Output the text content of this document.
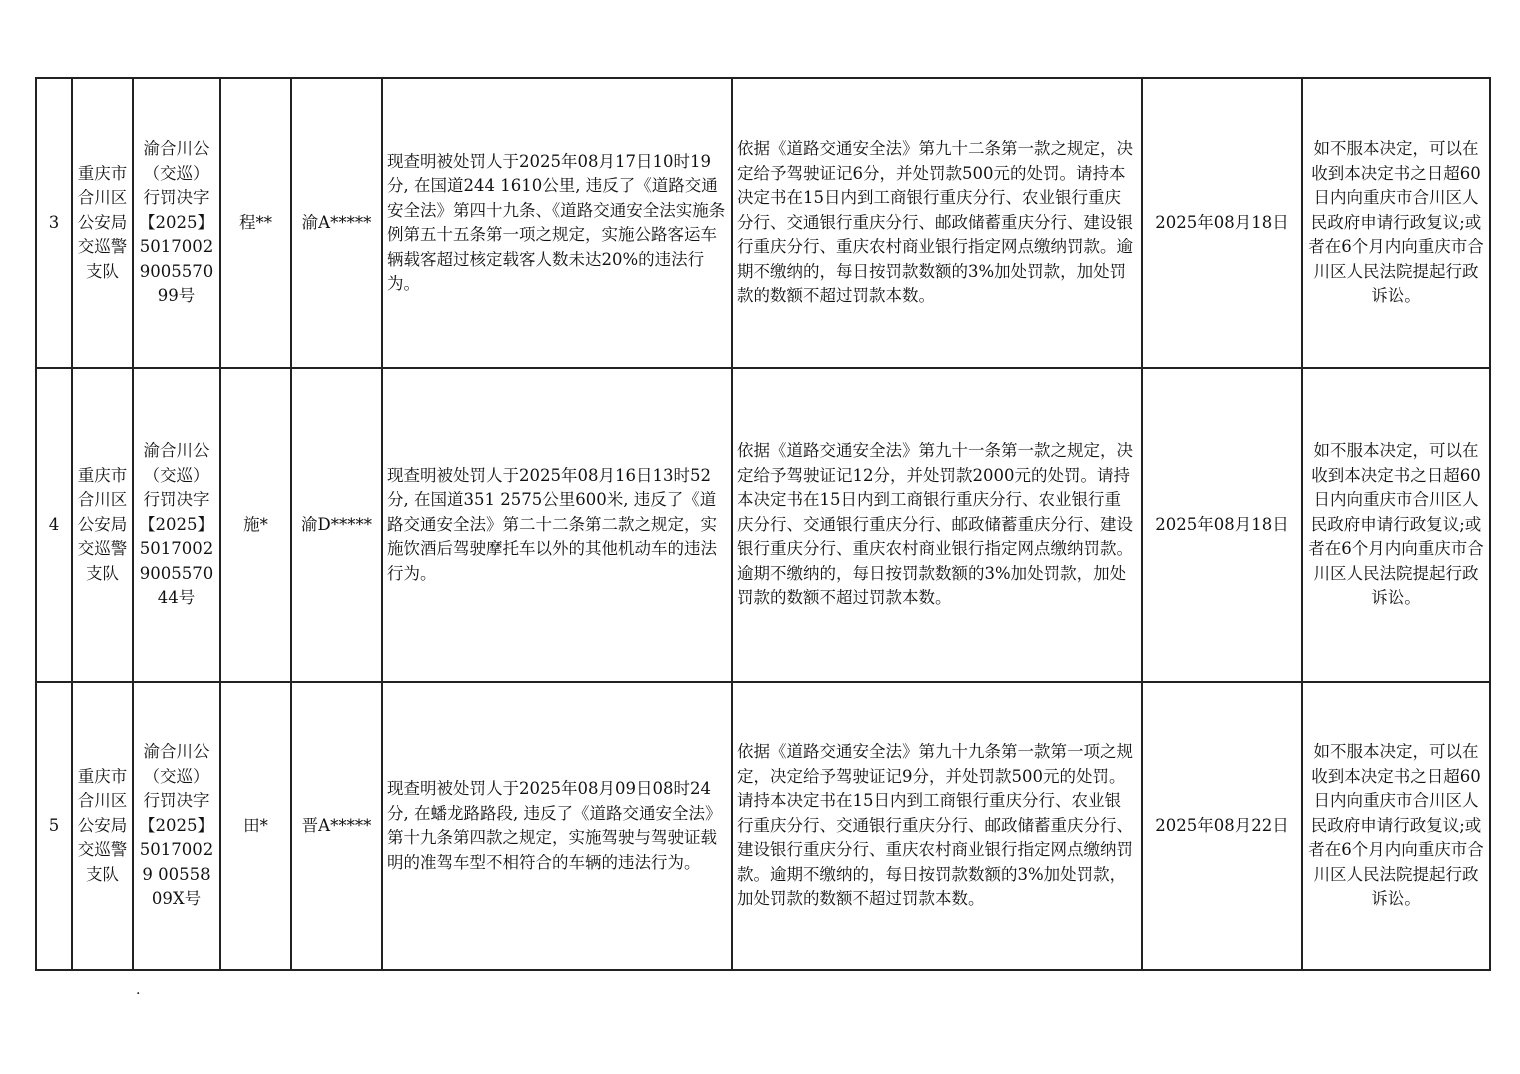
3	重庆市合川区公安局交巡警支队	渝合川公（交巡）行罚决字【2025】5017002900557099号	程**	渝A*****	现查明被处罚人于2025年08月17日10时19分, 在国道244 1610公里, 违反了《道路交通安全法》第四十九条、《道路交通安全法实施条例第五十五条第一项之规定，实施公路客运车辆载客超过核定载客人数未达20%的违法行为。	依据《道路交通安全法》第九十二条第一款之规定，决定给予驾驶证记6分，并处罚款500元的处罚。请持本决定书在15日内到工商银行重庆分行、农业银行重庆分行、交通银行重庆分行、邮政储蓄重庆分行、建设银行重庆分行、重庆农村商业银行指定网点缴纳罚款。逾期不缴纳的，每日按罚款数额的3%加处罚款，加处罚款的数额不超过罚款本数。	2025年08月18日	如不服本决定，可以在收到本决定书之日超60日内向重庆市合川区人民政府申请行政复议;或者在6个月内向重庆市合川区人民法院提起行政诉讼。
4	重庆市合川区公安局交巡警支队	渝合川公（交巡）行罚决字【2025】5017002900557044号	施*	渝D*****	现查明被处罚人于2025年08月16日13时52分, 在国道351 2575公里600米, 违反了《道路交通安全法》第二十二条第二款之规定，实施饮酒后驾驶摩托车以外的其他机动车的违法行为。	依据《道路交通安全法》第九十一条第一款之规定，决定给予驾驶证记12分，并处罚款2000元的处罚。请持本决定书在15日内到工商银行重庆分行、农业银行重庆分行、交通银行重庆分行、邮政储蓄重庆分行、建设银行重庆分行、重庆农村商业银行指定网点缴纳罚款。逾期不缴纳的，每日按罚款数额的3%加处罚款，加处罚款的数额不超过罚款本数。	2025年08月18日	如不服本决定，可以在收到本决定书之日超60日内向重庆市合川区人民政府申请行政复议;或者在6个月内向重庆市合川区人民法院提起行政诉讼。
5	重庆市合川区公安局交巡警支队	渝合川公（交巡）行罚决字【2025】50170029 0055809X号	田*	晋A*****	现查明被处罚人于2025年08月09日08时24分, 在蟠龙路路段, 违反了《道路交通安全法》第十九条第四款之规定，实施驾驶与驾驶证载明的准驾车型不相符合的车辆的违法行为。	依据《道路交通安全法》第九十九条第一款第一项之规定，决定给予驾驶证记9分，并处罚款500元的处罚。请持本决定书在15日内到工商银行重庆分行、农业银行重庆分行、交通银行重庆分行、邮政储蓄重庆分行、建设银行重庆分行、重庆农村商业银行指定网点缴纳罚款。逾期不缴纳的，每日按罚款数额的3%加处罚款，加处罚款的数额不超过罚款本数。	2025年08月22日	如不服本决定，可以在收到本决定书之日超60日内向重庆市合川区人民政府申请行政复议;或者在6个月内向重庆市合川区人民法院提起行政诉讼。
.
